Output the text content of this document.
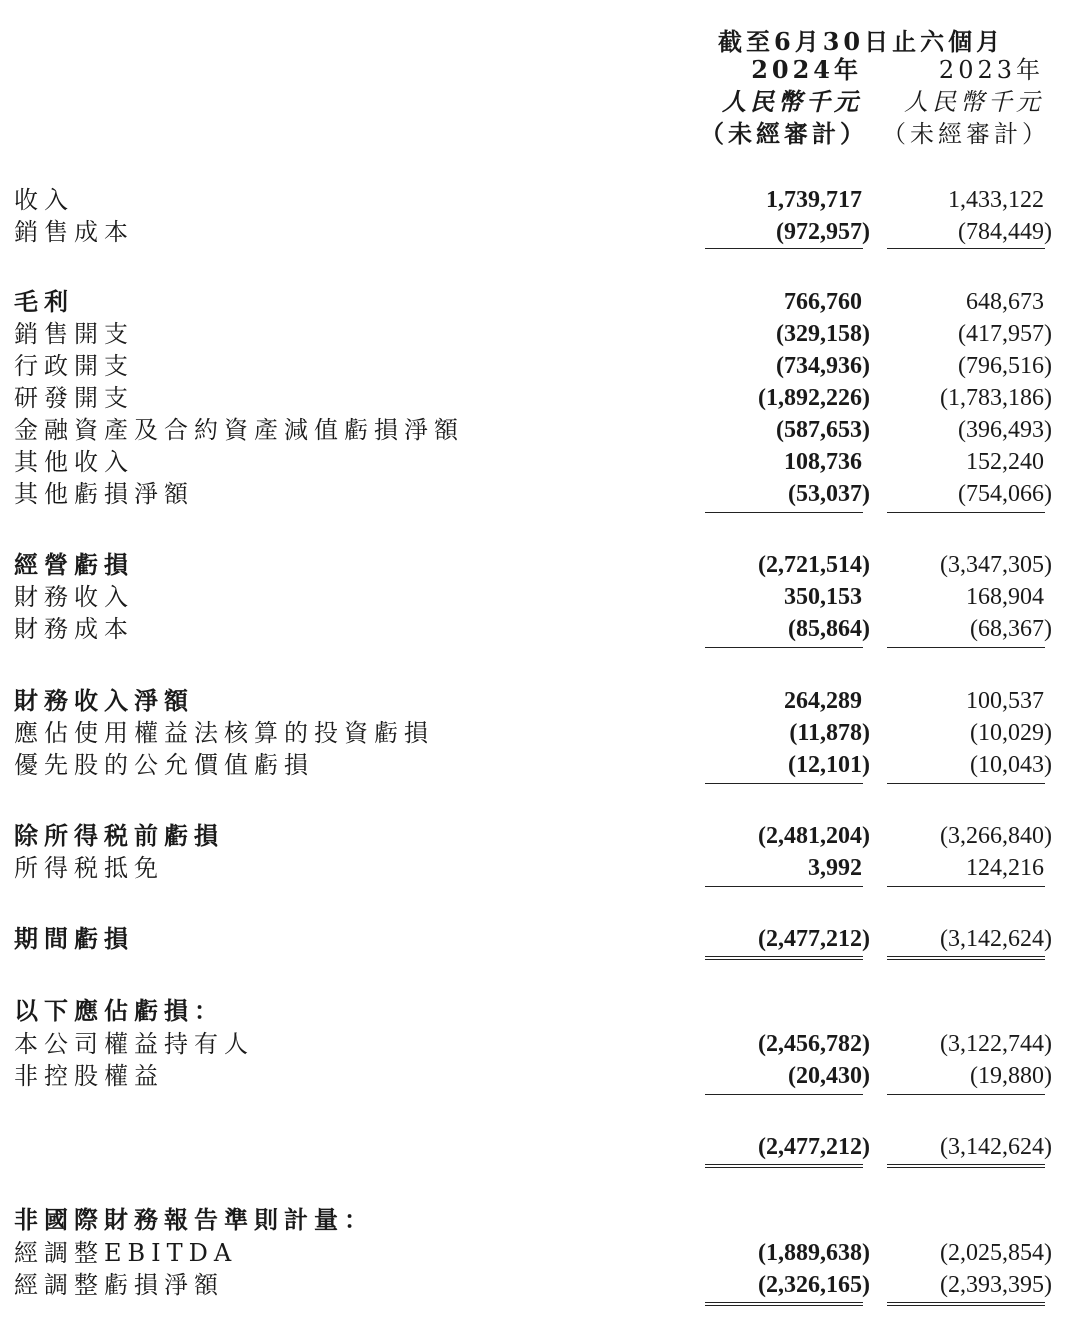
截至6月30日止六個月
2024年	2023年
人民幣千元 人民幣千元
（未經審計） （未經審計）
收入	1,739,717	1,433,122
銷售成本	(972,957)	(784,449)
毛利	766,760	648,673
銷售開支	(329,158)	(417,957)
行政開支	(734,936)	(796,516)
研發開支	(1,892,226)	(1,783,186)
金融資產及合約資產減值虧損淨額	(587,653)	(396,493)
其他收入	108,736	152,240
其他虧損淨額	(53,037)	(754,066)
經營虧損	(2,721,514)	(3,347,305)
財務收入	350,153	168,904
財務成本	(85,864)	(68,367)
財務收入淨額	264,289	100,537
應佔使用權益法核算的投資虧損	(11,878)	(10,029)
優先股的公允價值虧損	(12,101)	(10,043)
除所得税前虧損	(2,481,204)	(3,266,840)
所得税抵免	3,992	124,216
期間虧損	(2,477,212)	(3,142,624)
以下應佔虧損：
本公司權益持有人	(2,456,782)	(3,122,744)
非控股權益	(20,430)	(19,880)
(2,477,212)	(3,142,624)
非國際財務報告準則計量：
經調整EBITDA	(1,889,638)	(2,025,854)
經調整虧損淨額	(2,326,165)	(2,393,395)
